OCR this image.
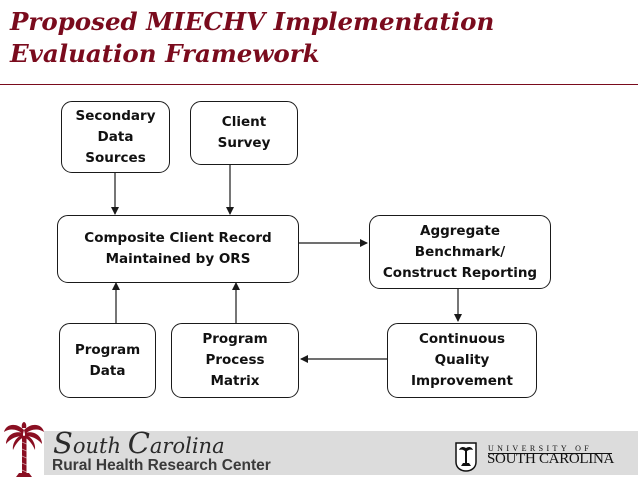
Proposed MIECHV Implementation Evaluation Framework
Secondary
Data
Sources
Client
Survey
Composite Client Record
Maintained by ORS
Aggregate
Benchmark/
Construct Reporting
Program
Data
Program
Process
Matrix
Continuous
Quality
Improvement
South Carolina
Rural Health Research Center
UNIVERSITY OF
SOUTH CAROLINA
